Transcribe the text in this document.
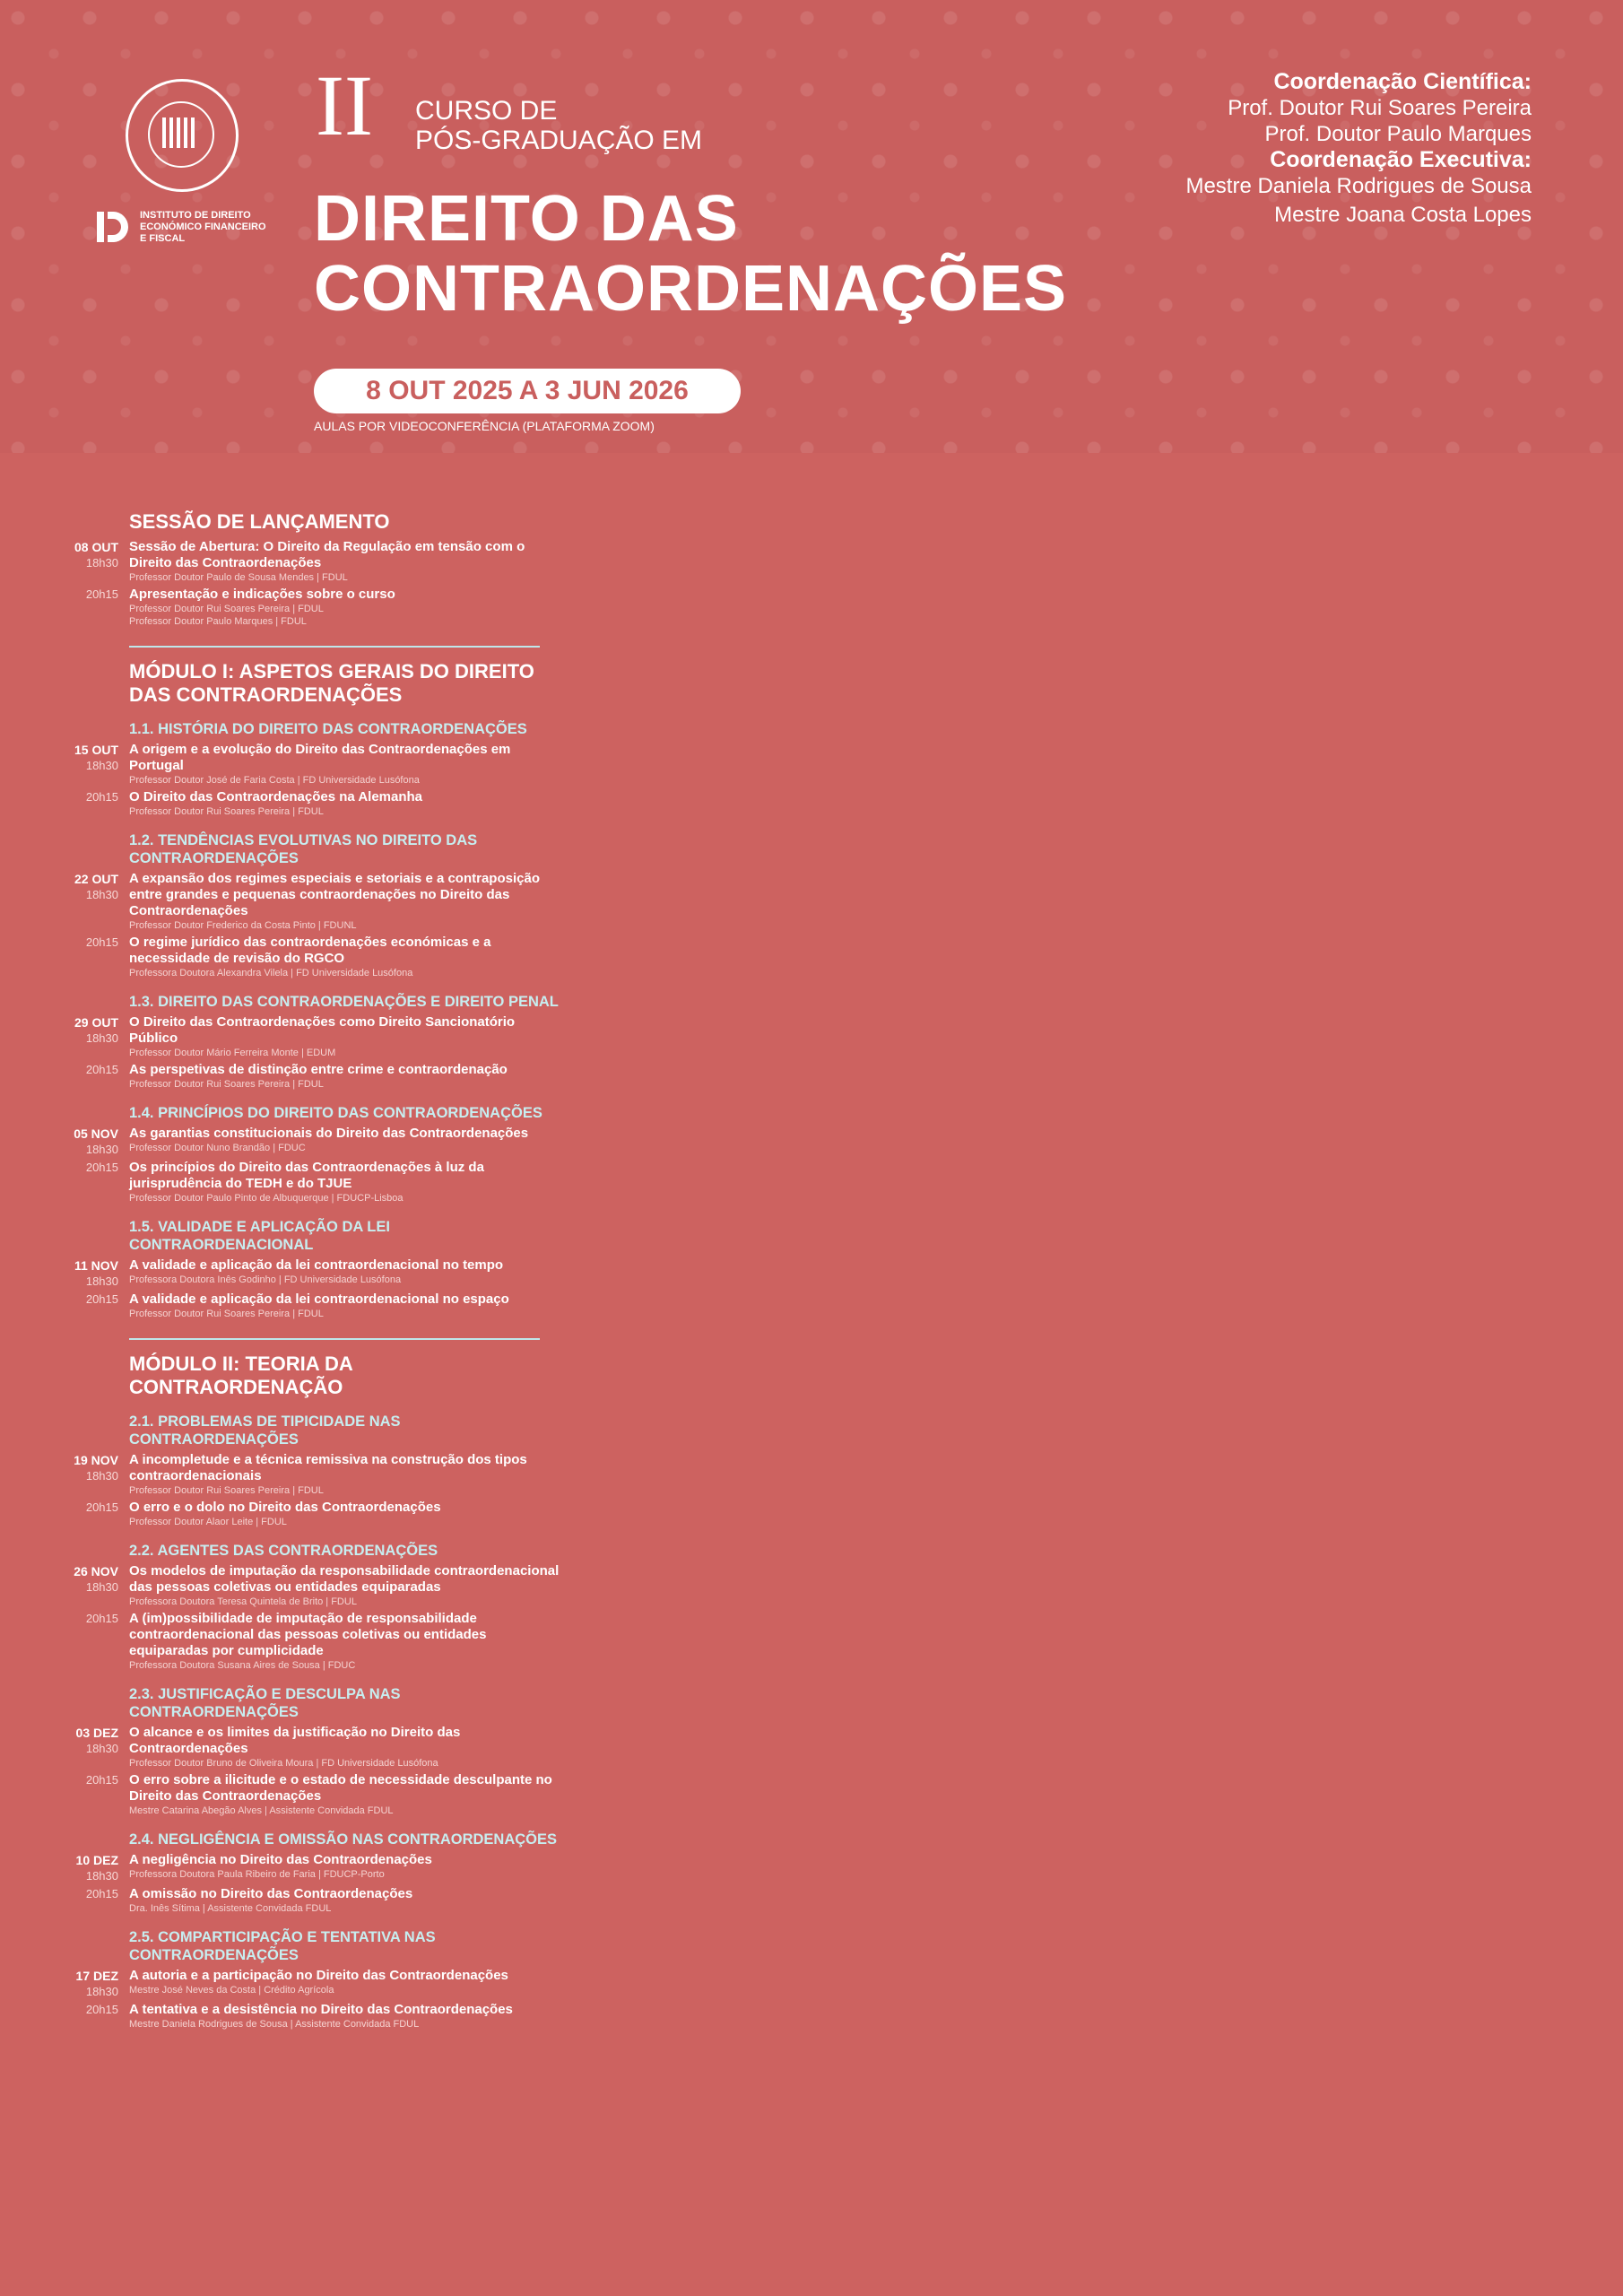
INSTITUTO DE DIREITO ECONÓMICO FINANCEIRO E FISCAL
II CURSO DE
PÓS-GRADUAÇÃO EM
DIREITO DAS
CONTRAORDENAÇÕES
8 OUT 2025 A 3 JUN 2026
AULAS POR VIDEOCONFERÊNCIA (PLATAFORMA ZOOM)
Coordenação Científica:
Prof. Doutor Rui Soares Pereira
Prof. Doutor Paulo Marques
Coordenação Executiva:
Mestre Daniela Rodrigues de Sousa
Mestre Joana Costa Lopes
SESSÃO DE LANÇAMENTO
08 OUT
18h30
Sessão de Abertura: O Direito da Regulação em tensão com o Direito das Contraordenações
Professor Doutor Paulo de Sousa Mendes | FDUL
20h15 Apresentação e indicações sobre o curso
Professor Doutor Rui Soares Pereira | FDUL
Professor Doutor Paulo Marques | FDUL
MÓDULO I: ASPETOS GERAIS DO DIREITO DAS CONTRAORDENAÇÕES
1.1. HISTÓRIA DO DIREITO DAS CONTRAORDENAÇÕES
15 OUT
18h30
A origem e a evolução do Direito das Contraordenações em Portugal
Professor Doutor José de Faria Costa | FD Universidade Lusófona
20h15 O Direito das Contraordenações na Alemanha
Professor Doutor Rui Soares Pereira | FDUL
1.2. TENDÊNCIAS EVOLUTIVAS NO DIREITO DAS CONTRAORDENAÇÕES
22 OUT
18h30
A expansão dos regimes especiais e setoriais e a contraposição entre grandes e pequenas contraordenações no Direito das Contraordenações
Professor Doutor Frederico da Costa Pinto | FDUNL
20h15 O regime jurídico das contraordenações económicas e a necessidade de revisão do RGCO
Professora Doutora Alexandra Vilela | FD Universidade Lusófona
1.3. DIREITO DAS CONTRAORDENAÇÕES E DIREITO PENAL
29 OUT
18h30
O Direito das Contraordenações como Direito Sancionatório Público
Professor Doutor Mário Ferreira Monte | EDUM
20h15 As perspetivas de distinção entre crime e contraordenação
Professor Doutor Rui Soares Pereira | FDUL
1.4. PRINCÍPIOS DO DIREITO DAS CONTRAORDENAÇÕES
05 NOV
18h30
As garantias constitucionais do Direito das Contraordenações
Professor Doutor Nuno Brandão | FDUC
20h15 Os princípios do Direito das Contraordenações à luz da jurisprudência do TEDH e do TJUE
Professor Doutor Paulo Pinto de Albuquerque | FDUCP-Lisboa
1.5. VALIDADE E APLICAÇÃO DA LEI CONTRAORDENACIONAL
11 NOV
18h30
A validade e aplicação da lei contraordenacional no tempo
Professora Doutora Inês Godinho | FD Universidade Lusófona
20h15 A validade e aplicação da lei contraordenacional no espaço
Professor Doutor Rui Soares Pereira | FDUL
MÓDULO II: TEORIA DA CONTRAORDENAÇÃO
2.1. PROBLEMAS DE TIPICIDADE NAS CONTRAORDENAÇÕES
19 NOV
18h30
A incompletude e a técnica remissiva na construção dos tipos contraordenacionais
Professor Doutor Rui Soares Pereira | FDUL
20h15 O erro e o dolo no Direito das Contraordenações
Professor Doutor Alaor Leite | FDUL
2.2. AGENTES DAS CONTRAORDENAÇÕES
26 NOV
18h30
Os modelos de imputação da responsabilidade contraordenacional das pessoas coletivas ou entidades equiparadas
Professora Doutora Teresa Quintela de Brito | FDUL
20h15 A (im)possibilidade de imputação de responsabilidade contraordenacional das pessoas coletivas ou entidades equiparadas por cumplicidade
Professora Doutora Susana Aires de Sousa | FDUC
2.3. JUSTIFICAÇÃO E DESCULPA NAS CONTRAORDENAÇÕES
03 DEZ
18h30
O alcance e os limites da justificação no Direito das Contraordenações
Professor Doutor Bruno de Oliveira Moura | FD Universidade Lusófona
20h15 O erro sobre a ilicitude e o estado de necessidade desculpante no Direito das Contraordenações
Mestre Catarina Abegão Alves | Assistente Convidada FDUL
2.4. NEGLIGÊNCIA E OMISSÃO NAS CONTRAORDENAÇÕES
10 DEZ
18h30
A negligência no Direito das Contraordenações
Professora Doutora Paula Ribeiro de Faria | FDUCP-Porto
20h15 A omissão no Direito das Contraordenações
Dra. Inês Sítima | Assistente Convidada FDUL
2.5. COMPARTICIPAÇÃO E TENTATIVA NAS CONTRAORDENAÇÕES
17 DEZ
18h30
A autoria e a participação no Direito das Contraordenações
Mestre José Neves da Costa | Crédito Agrícola
20h15 A tentativa e a desistência no Direito das Contraordenações
Mestre Daniela Rodrigues de Sousa | Assistente Convidada FDUL
